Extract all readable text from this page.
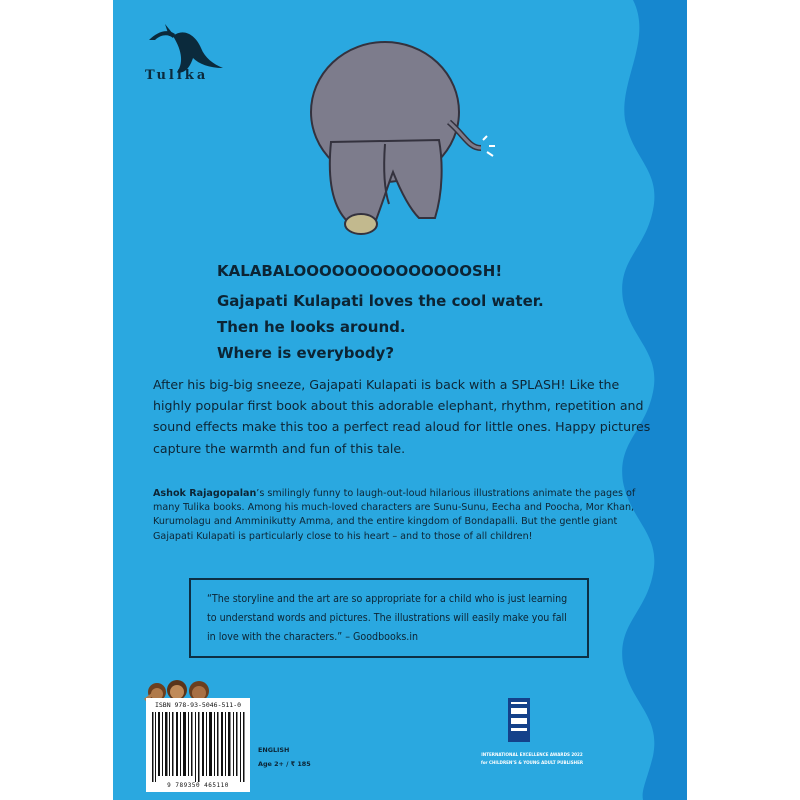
Tulika
KALABALOOOOOOOOOOOOOOSH!
Gajapati Kulapati loves the cool water.
Then he looks around.
Where is everybody?
After his big-big sneeze, Gajapati Kulapati is back with a SPLASH! Like the highly popular first book about this adorable elephant, rhythm, repetition and sound effects make this too a perfect read aloud for little ones. Happy pictures capture the warmth and fun of this tale.
Ashok Rajagopalan’s smilingly funny to laugh-out-loud hilarious illustrations animate the pages of many Tulika books. Among his much-loved characters are Sunu-Sunu, Eecha and Poocha, Mor Khan, Kurumolagu and Amminikutty Amma, and the entire kingdom of Bondapalli. But the gentle giant Gajapati Kulapati is particularly close to his heart – and to those of all children!
“The storyline and the art are so appropriate for a child who is just learning to understand words and pictures. The illustrations will easily make you fall in love with the characters.” – Goodbooks.in
ISBN 978-93-5046-511-0
9 789350 465110
ENGLISH
Age 2+ / ₹ 185
INTERNATIONAL EXCELLENCE AWARDS 2022
for CHILDREN’S & YOUNG ADULT PUBLISHER
